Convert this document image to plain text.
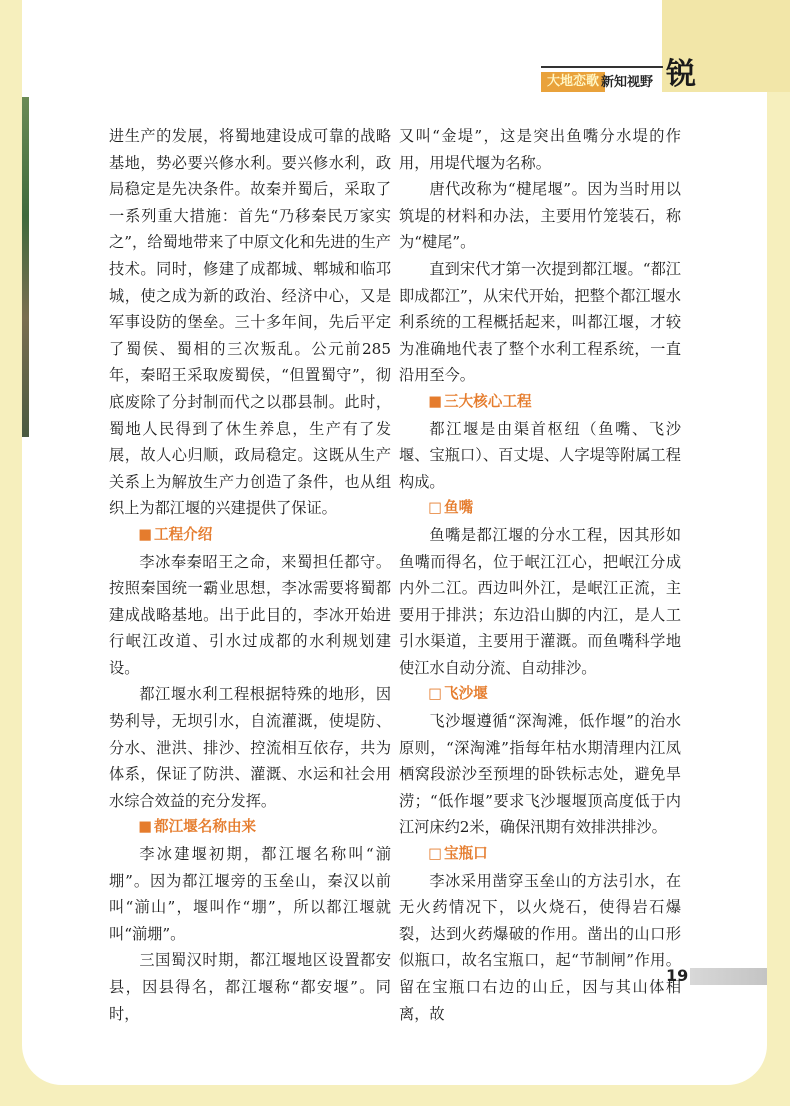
大地恋歌 新知视野 锐

进生产的发展，将蜀地建设成可靠的战略基地，势必要兴修水利。要兴修水利，政局稳定是先决条件。故秦并蜀后，采取了一系列重大措施：首先“乃移秦民万家实之”，给蜀地带来了中原文化和先进的生产技术。同时，修建了成都城、郫城和临邛城，使之成为新的政治、经济中心，又是军事设防的堡垒。三十多年间，先后平定了蜀侯、蜀相的三次叛乱。公元前285年，秦昭王采取废蜀侯，“但置蜀守”，彻底废除了分封制而代之以郡县制。此时，蜀地人民得到了休生养息，生产有了发展，故人心归顺，政局稳定。这既从生产关系上为解放生产力创造了条件，也从组织上为都江堰的兴建提供了保证。

■ 工程介绍

李冰奉秦昭王之命，来蜀担任都守。按照秦国统一霸业思想，李冰需要将蜀都建成战略基地。出于此目的，李冰开始进行岷江改道、引水过成都的水利规划建设。

都江堰水利工程根据特殊的地形，因势利导，无坝引水，自流灌溉，使堤防、分水、泄洪、排沙、控流相互依存，共为体系，保证了防洪、灌溉、水运和社会用水综合效益的充分发挥。

■ 都江堰名称由来

李冰建堰初期，都江堰名称叫“湔堋”。因为都江堰旁的玉垒山，秦汉以前叫“湔山”，堰叫作“堋”，所以都江堰就叫“湔堋”。

三国蜀汉时期，都江堰地区设置都安县，因县得名，都江堰称“都安堰”。同时，

又叫“金堤”，这是突出鱼嘴分水堤的作用，用堤代堰为名称。

唐代改称为“楗尾堰”。因为当时用以筑堤的材料和办法，主要用竹笼装石，称为“楗尾”。

直到宋代才第一次提到都江堰。“都江即成都江”，从宋代开始，把整个都江堰水利系统的工程概括起来，叫都江堰，才较为准确地代表了整个水利工程系统，一直沿用至今。

■ 三大核心工程

都江堰是由渠首枢纽（鱼嘴、飞沙堰、宝瓶口）、百丈堤、人字堤等附属工程构成。

□ 鱼嘴

鱼嘴是都江堰的分水工程，因其形如鱼嘴而得名，位于岷江江心，把岷江分成内外二江。西边叫外江，是岷江正流，主要用于排洪；东边沿山脚的内江，是人工引水渠道，主要用于灌溉。而鱼嘴科学地使江水自动分流、自动排沙。

□ 飞沙堰

飞沙堰遵循“深淘滩，低作堰”的治水原则，“深淘滩”指每年枯水期清理内江凤栖窝段淤沙至预埋的卧铁标志处，避免旱涝；“低作堰”要求飞沙堰堰顶高度低于内江河床约2米，确保汛期有效排洪排沙。

□ 宝瓶口

李冰采用凿穿玉垒山的方法引水，在无火药情况下，以火烧石，使得岩石爆裂，达到火药爆破的作用。凿出的山口形似瓶口，故名宝瓶口，起“节制闸”作用。留在宝瓶口右边的山丘，因与其山体相离，故

19
